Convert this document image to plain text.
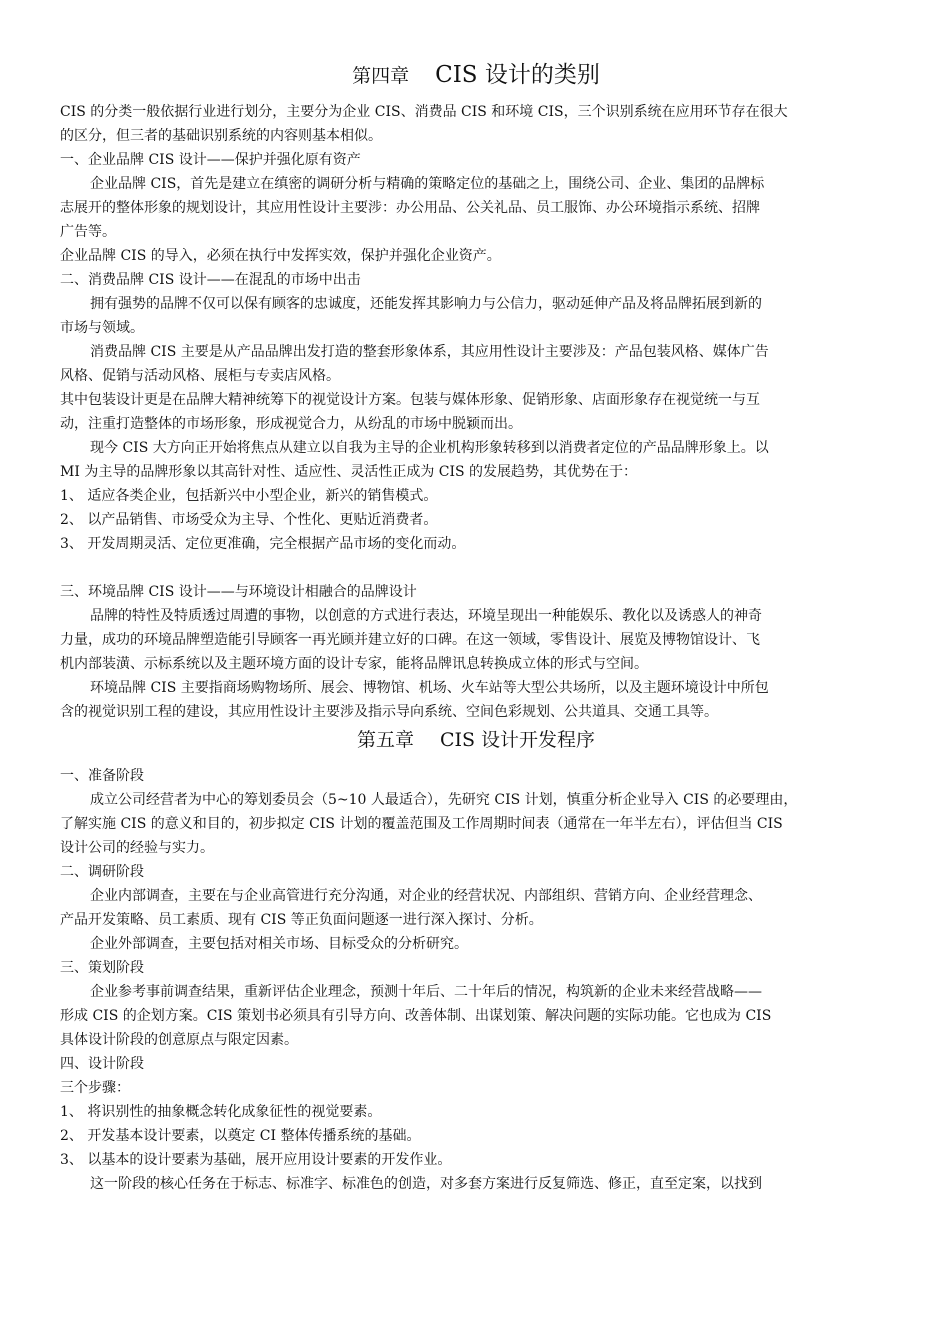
第四章 CIS 设计的类别
CIS 的分类一般依据行业进行划分，主要分为企业 CIS、消费品 CIS 和环境 CIS，三个识别系统在应用环节存在很大
的区分，但三者的基础识别系统的内容则基本相似。
一、企业品牌 CIS 设计——保护并强化原有资产
企业品牌 CIS，首先是建立在缜密的调研分析与精确的策略定位的基础之上，围绕公司、企业、集团的品牌标
志展开的整体形象的规划设计，其应用性设计主要涉：办公用品、公关礼品、员工服饰、办公环境指示系统、招牌
广告等。
企业品牌 CIS 的导入，必须在执行中发挥实效，保护并强化企业资产。
二、消费品牌 CIS 设计——在混乱的市场中出击
拥有强势的品牌不仅可以保有顾客的忠诚度，还能发挥其影响力与公信力，驱动延伸产品及将品牌拓展到新的
市场与领域。
消费品牌 CIS 主要是从产品品牌出发打造的整套形象体系，其应用性设计主要涉及：产品包装风格、媒体广告
风格、促销与活动风格、展柜与专卖店风格。
其中包装设计更是在品牌大精神统筹下的视觉设计方案。包装与媒体形象、促销形象、店面形象存在视觉统一与互
动，注重打造整体的市场形象，形成视觉合力，从纷乱的市场中脱颖而出。
现今 CIS 大方向正开始将焦点从建立以自我为主导的企业机构形象转移到以消费者定位的产品品牌形象上。以
MI 为主导的品牌形象以其高针对性、适应性、灵活性正成为 CIS 的发展趋势，其优势在于：
1、 适应各类企业，包括新兴中小型企业，新兴的销售模式。
2、 以产品销售、市场受众为主导、个性化、更贴近消费者。
3、 开发周期灵活、定位更准确，完全根据产品市场的变化而动。
三、环境品牌 CIS 设计——与环境设计相融合的品牌设计
品牌的特性及特质透过周遭的事物，以创意的方式进行表达，环境呈现出一种能娱乐、教化以及诱惑人的神奇
力量，成功的环境品牌塑造能引导顾客一再光顾并建立好的口碑。在这一领域，零售设计、展览及博物馆设计、飞
机内部装潢、示标系统以及主题环境方面的设计专家，能将品牌讯息转换成立体的形式与空间。
环境品牌 CIS 主要指商场购物场所、展会、博物馆、机场、火车站等大型公共场所，以及主题环境设计中所包
含的视觉识别工程的建设，其应用性设计主要涉及指示导向系统、空间色彩规划、公共道具、交通工具等。
第五章 CIS 设计开发程序
一、准备阶段
成立公司经营者为中心的筹划委员会（5~10 人最适合），先研究 CIS 计划，慎重分析企业导入 CIS 的必要理由，
了解实施 CIS 的意义和目的，初步拟定 CIS 计划的覆盖范围及工作周期时间表（通常在一年半左右），评估但当 CIS
设计公司的经验与实力。
二、调研阶段
企业内部调查，主要在与企业高管进行充分沟通，对企业的经营状况、内部组织、营销方向、企业经营理念、
产品开发策略、员工素质、现有 CIS 等正负面问题逐一进行深入探讨、分析。
企业外部调查，主要包括对相关市场、目标受众的分析研究。
三、策划阶段
企业参考事前调查结果，重新评估企业理念，预测十年后、二十年后的情况，构筑新的企业未来经营战略——
形成 CIS 的企划方案。CIS 策划书必须具有引导方向、改善体制、出谋划策、解决问题的实际功能。它也成为 CIS
具体设计阶段的创意原点与限定因素。
四、设计阶段
三个步骤：
1、 将识别性的抽象概念转化成象征性的视觉要素。
2、 开发基本设计要素，以奠定 CI 整体传播系统的基础。
3、 以基本的设计要素为基础，展开应用设计要素的开发作业。
这一阶段的核心任务在于标志、标准字、标准色的创造，对多套方案进行反复筛选、修正，直至定案，以找到
